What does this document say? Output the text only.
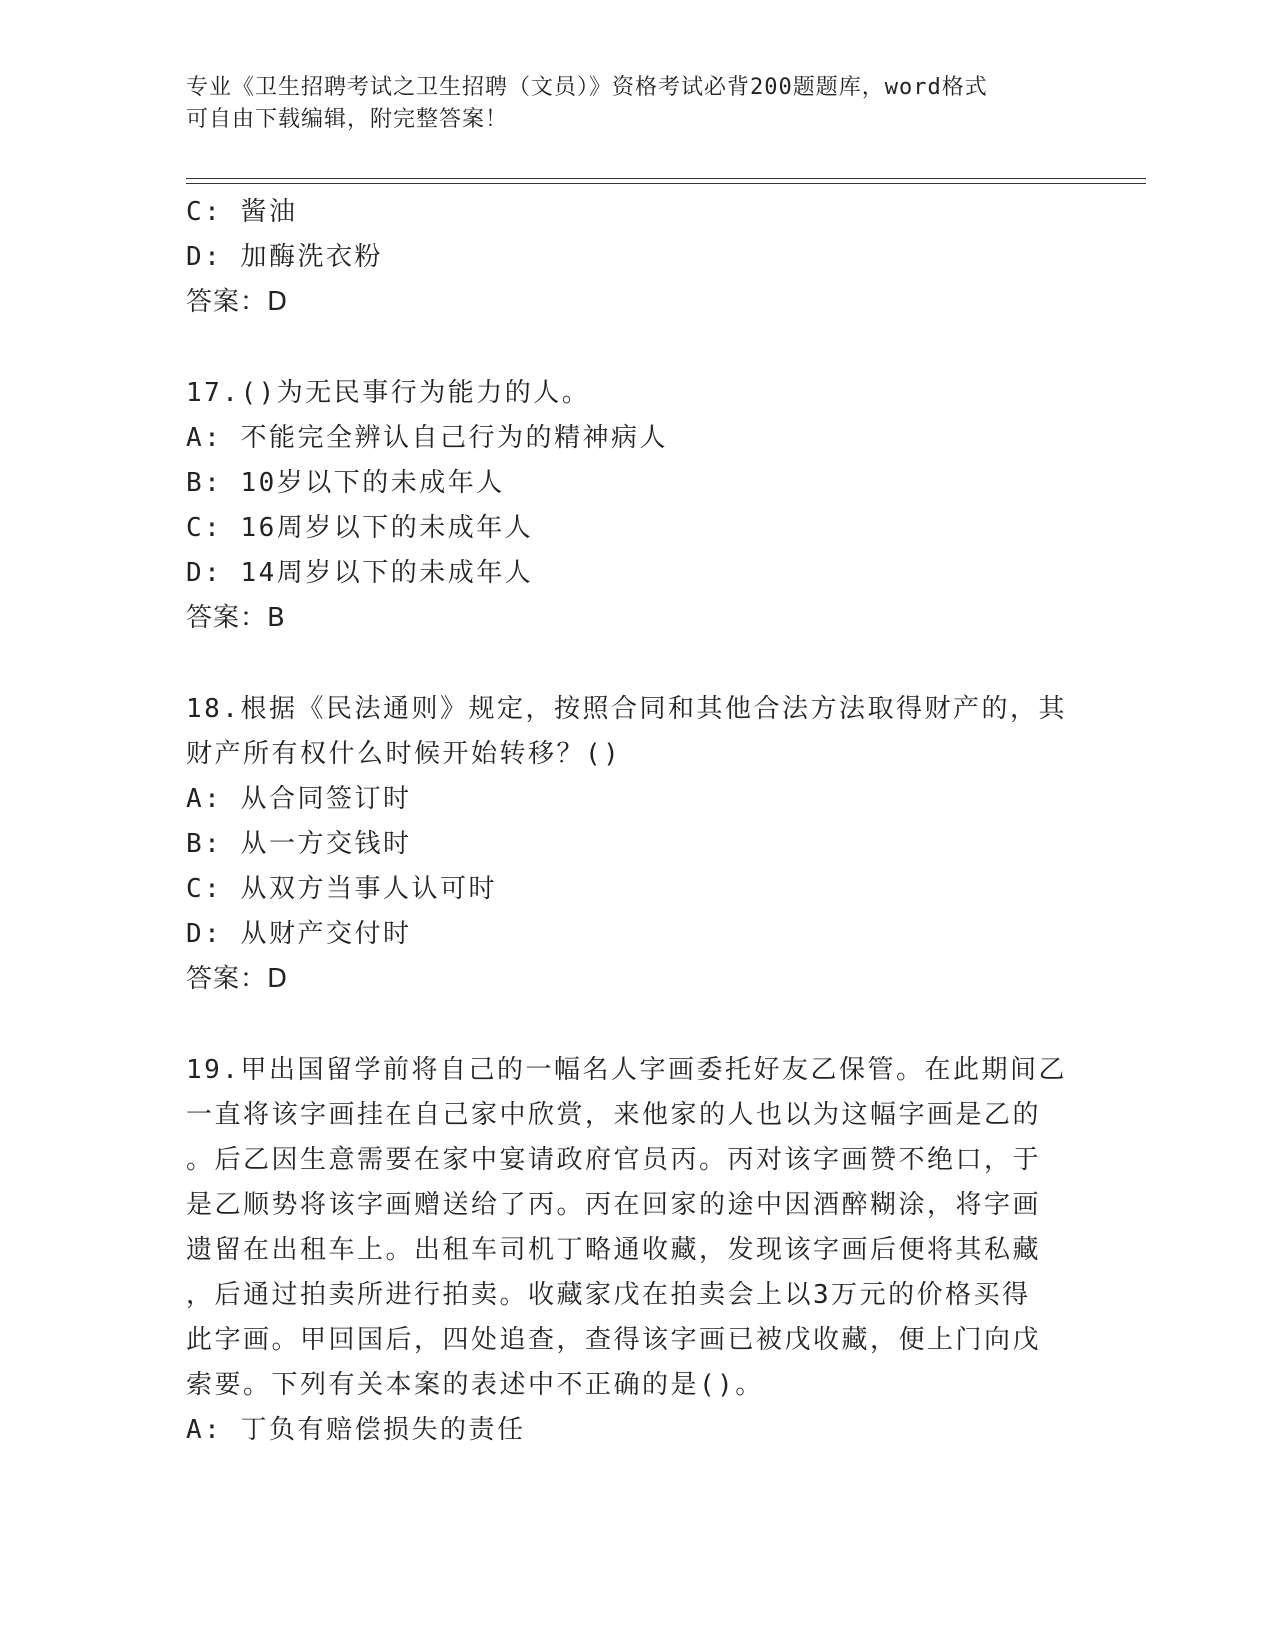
专业《卫生招聘考试之卫生招聘（文员）》资格考试必背200题题库，word格式
可自由下载编辑，附完整答案！
C: 酱油
D: 加酶洗衣粉
答案：D
17.()为无民事行为能力的人。
A: 不能完全辨认自己行为的精神病人
B: 10岁以下的未成年人
C: 16周岁以下的未成年人
D: 14周岁以下的未成年人
答案：B
18.根据《民法通则》规定，按照合同和其他合法方法取得财产的，其
财产所有权什么时候开始转移？()
A: 从合同签订时
B: 从一方交钱时
C: 从双方当事人认可时
D: 从财产交付时
答案：D
19.甲出国留学前将自己的一幅名人字画委托好友乙保管。在此期间乙
一直将该字画挂在自己家中欣赏，来他家的人也以为这幅字画是乙的
。后乙因生意需要在家中宴请政府官员丙。丙对该字画赞不绝口，于
是乙顺势将该字画赠送给了丙。丙在回家的途中因酒醉糊涂，将字画
遗留在出租车上。出租车司机丁略通收藏，发现该字画后便将其私藏
，后通过拍卖所进行拍卖。收藏家戊在拍卖会上以3万元的价格买得
此字画。甲回国后，四处追查，查得该字画已被戊收藏，便上门向戊
索要。下列有关本案的表述中不正确的是()。
A: 丁负有赔偿损失的责任
